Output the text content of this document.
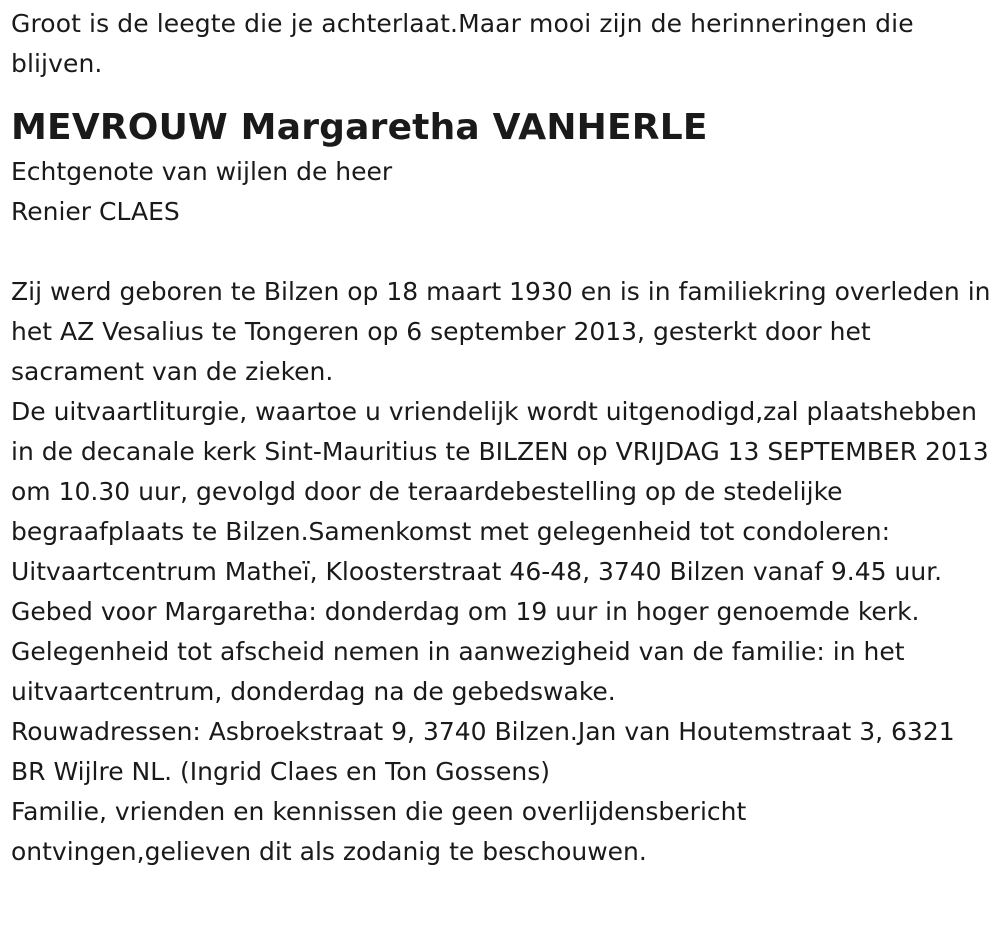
Groot is de leegte die je achterlaat.Maar mooi zijn de herinneringen die blijven.

MEVROUW Margaretha VANHERLE
Echtgenote van wijlen de heer
Renier CLAES

Zij werd geboren te Bilzen op 18 maart 1930 en is in familiekring overleden in het AZ Vesalius te Tongeren op 6 september 2013, gesterkt door het sacrament van de zieken.

De uitvaartliturgie, waartoe u vriendelijk wordt uitgenodigd,zal plaatshebben in de decanale kerk Sint-Mauritius te BILZEN op VRIJDAG 13 SEPTEMBER 2013 om 10.30 uur, gevolgd door de teraardebestelling op de stedelijke begraafplaats te Bilzen.Samenkomst met gelegenheid tot condoleren: Uitvaartcentrum Matheï, Kloosterstraat 46-48, 3740 Bilzen vanaf 9.45 uur.

Gebed voor Margaretha: donderdag om 19 uur in hoger genoemde kerk.

Gelegenheid tot afscheid nemen in aanwezigheid van de familie: in het uitvaartcentrum, donderdag na de gebedswake.

Rouwadressen: Asbroekstraat 9, 3740 Bilzen.Jan van Houtemstraat 3, 6321 BR Wijlre NL. (Ingrid Claes en Ton Gossens)

Familie, vrienden en kennissen die geen overlijdensbericht ontvingen,gelieven dit als zodanig te beschouwen.
